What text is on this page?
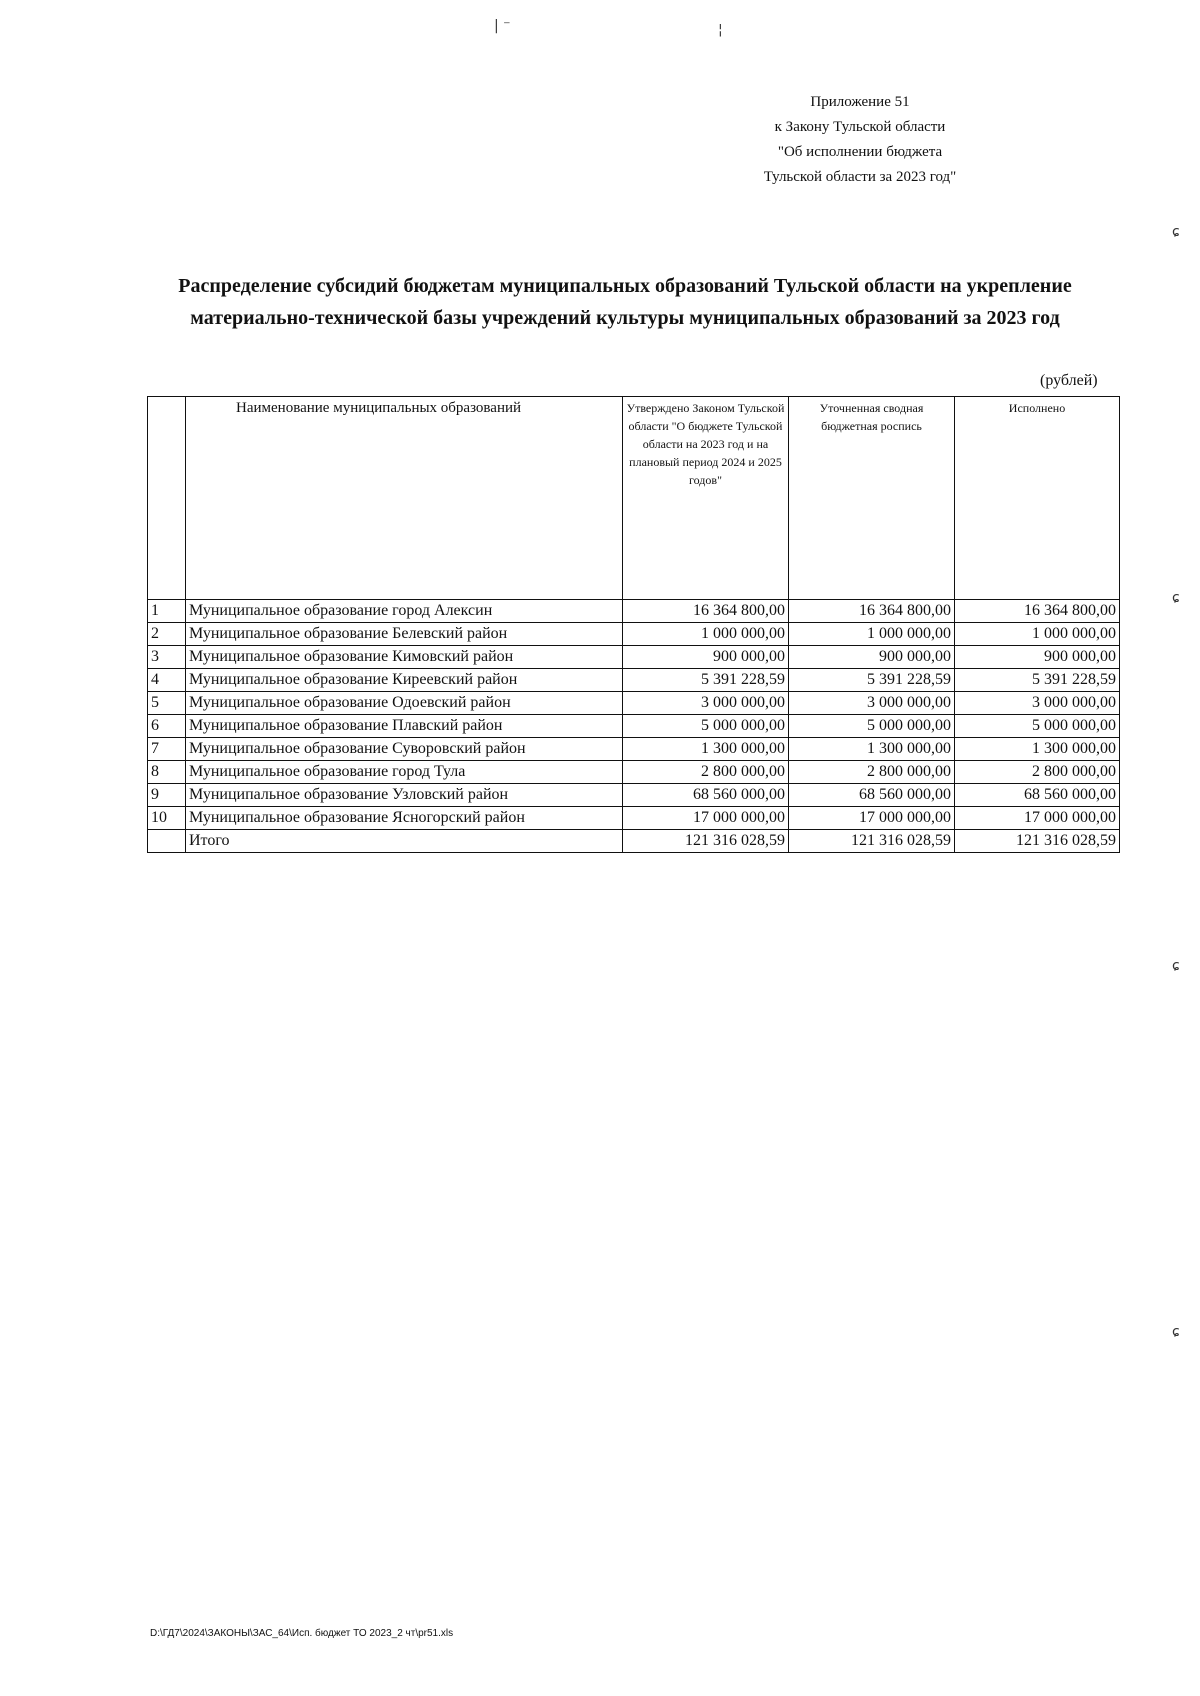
| ⁻	¦
ɕ
ɕ
ɕ
ɕ
Приложение 51
к Закону Тульской области
"Об исполнении бюджета
Тульской области за 2023 год"
Распределение субсидий бюджетам муниципальных образований Тульской области на укрепление
материально-технической базы учреждений культуры муниципальных образований за 2023 год
(рублей)
	Наименование муниципальных образований	Утверждено Законом Тульской области "О бюджете Тульской области на 2023 год и на плановый период 2024 и 2025 годов"	Уточненная сводная бюджетная роспись	Исполнено
1	Муниципальное образование город Алексин	16 364 800,00	16 364 800,00	16 364 800,00
2	Муниципальное образование Белевский район	1 000 000,00	1 000 000,00	1 000 000,00
3	Муниципальное образование Кимовский район	900 000,00	900 000,00	900 000,00
4	Муниципальное образование Киреевский район	5 391 228,59	5 391 228,59	5 391 228,59
5	Муниципальное образование Одоевский район	3 000 000,00	3 000 000,00	3 000 000,00
6	Муниципальное образование Плавский район	5 000 000,00	5 000 000,00	5 000 000,00
7	Муниципальное образование Суворовский район	1 300 000,00	1 300 000,00	1 300 000,00
8	Муниципальное образование город Тула	2 800 000,00	2 800 000,00	2 800 000,00
9	Муниципальное образование Узловский район	68 560 000,00	68 560 000,00	68 560 000,00
10	Муниципальное образование Ясногорский район	17 000 000,00	17 000 000,00	17 000 000,00
	Итого	121 316 028,59	121 316 028,59	121 316 028,59
D:\ГД7\2024\ЗАКОНЫ\ЗАС_64\Исп. бюджет ТО 2023_2 чт\pr51.xls
